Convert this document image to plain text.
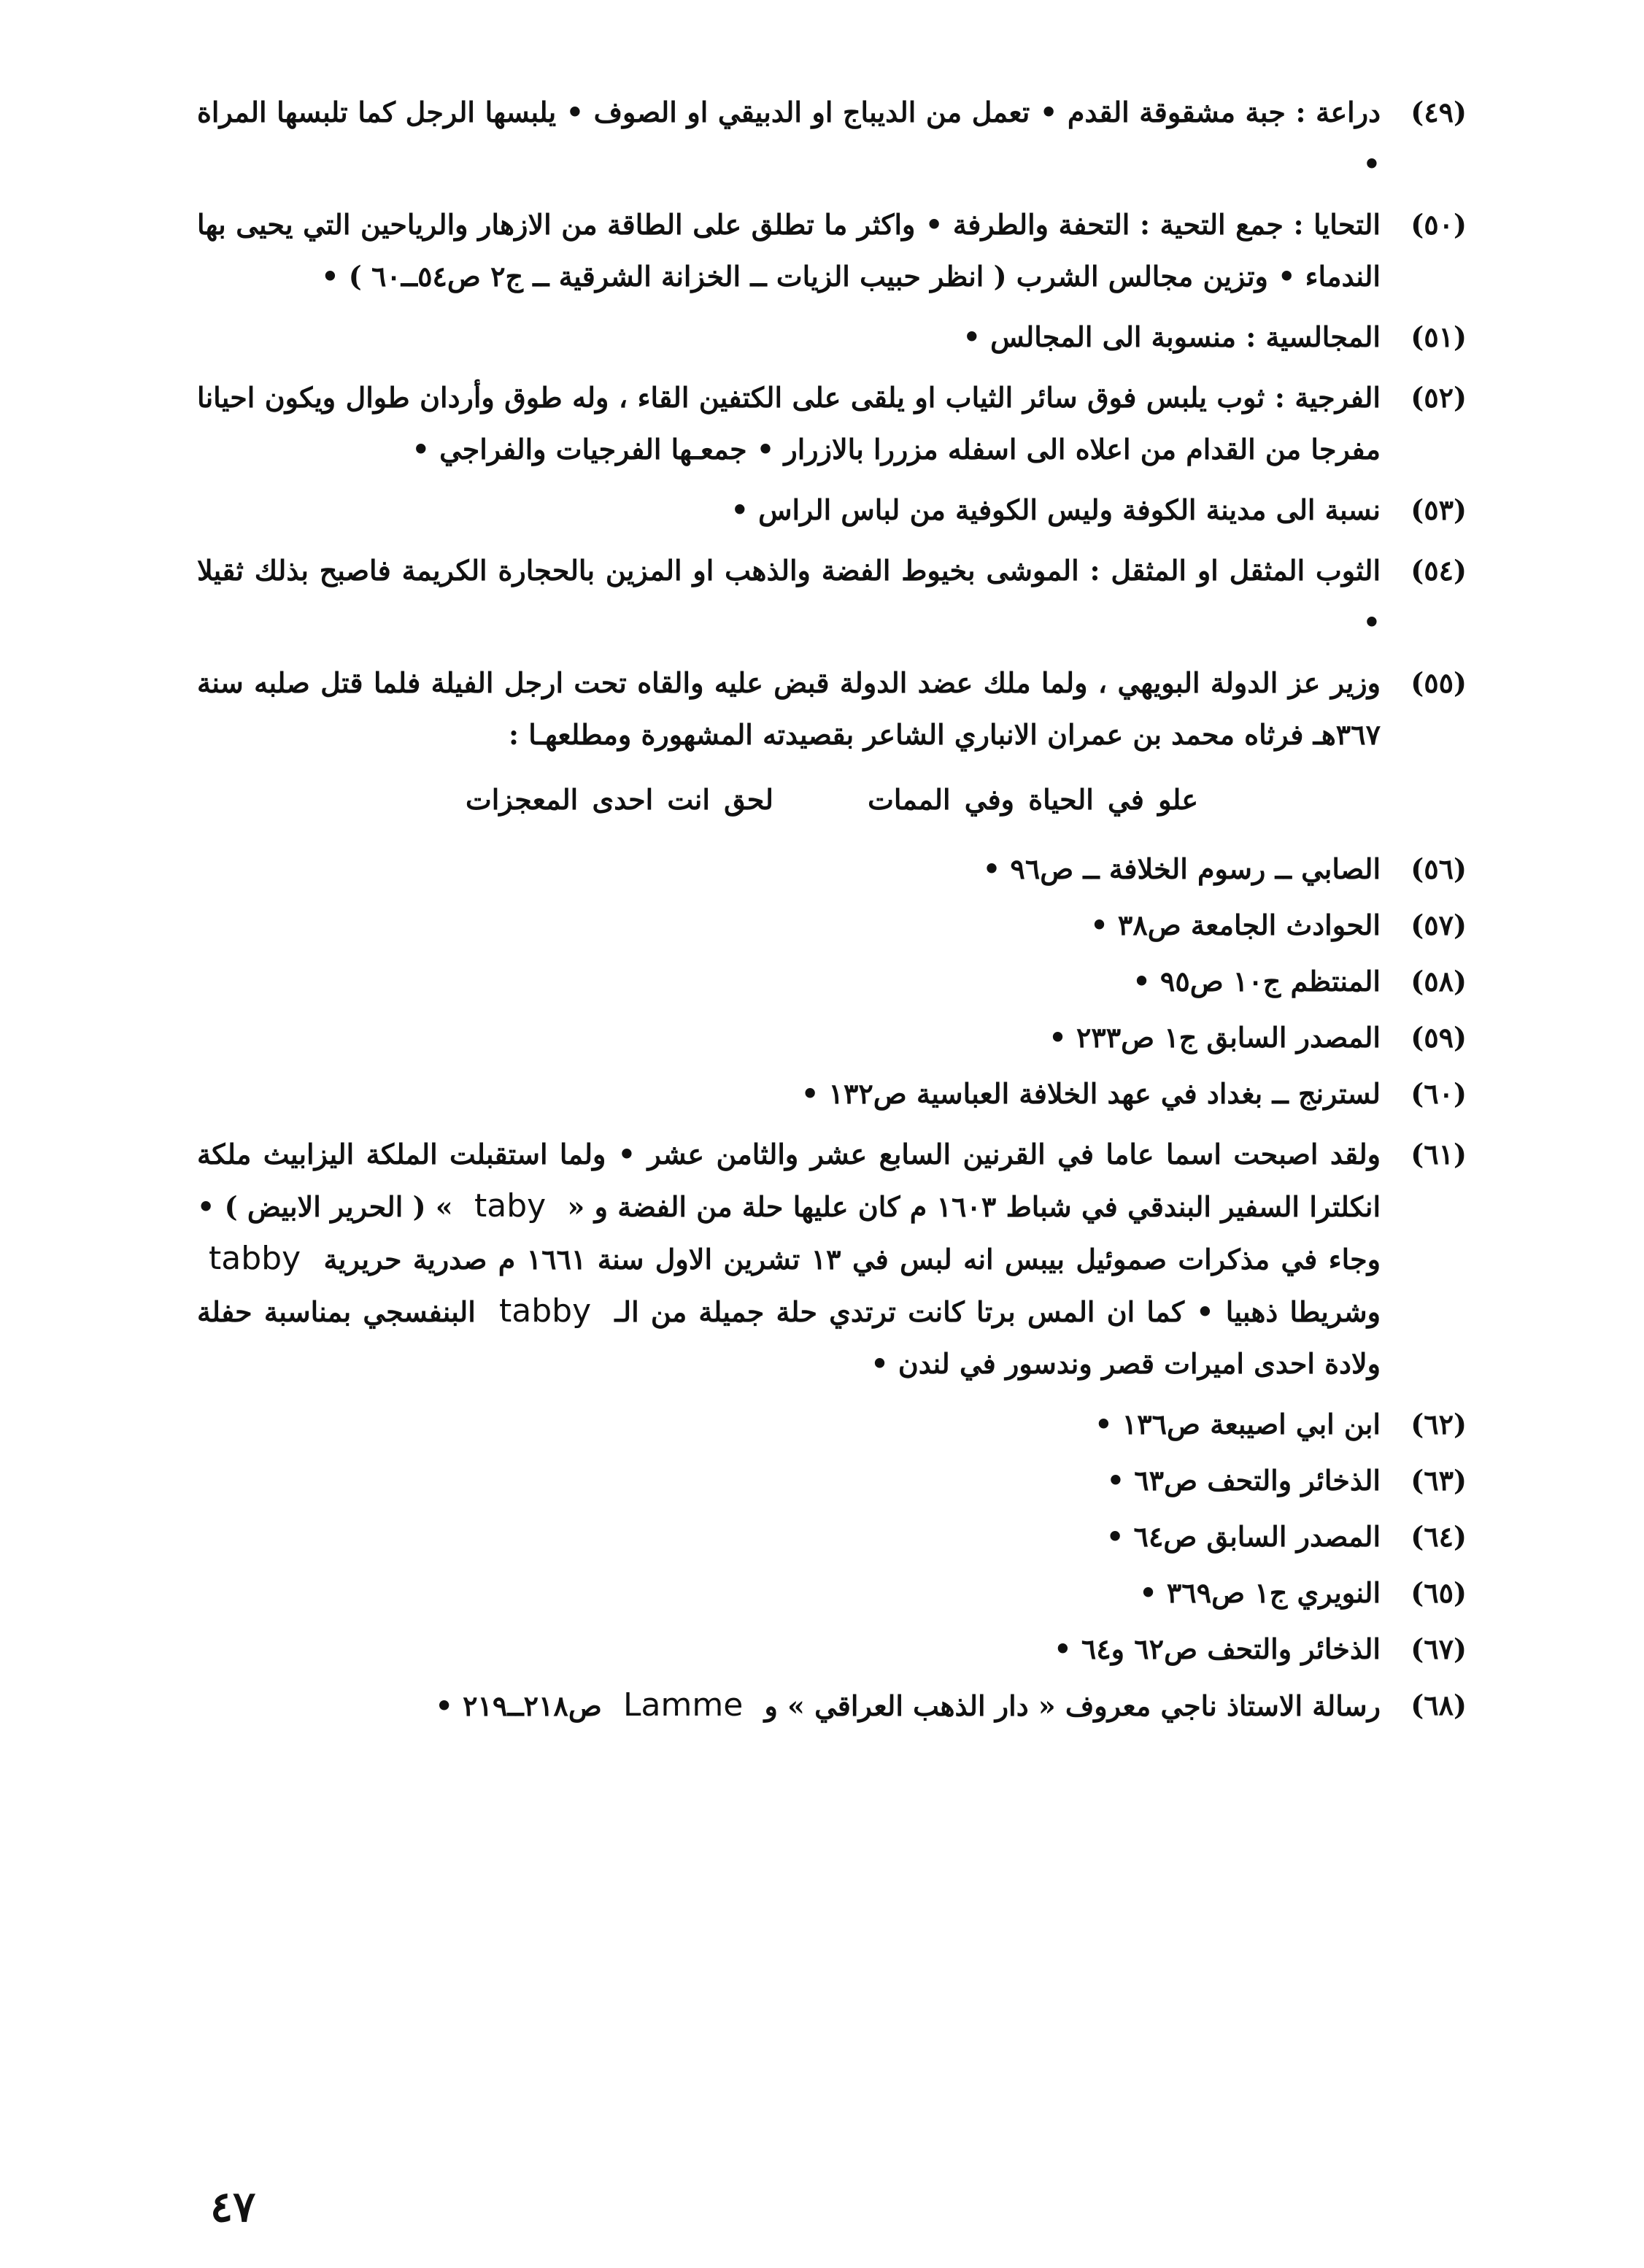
(٤٩)
دراعة : جبة مشقوقة القدم • تعمل من الديباج او الدبيقي او الصوف • يلبسها الرجل كما تلبسها المراة •
(٥٠)
التحايا : جمع التحية : التحفة والطرفة • واكثر ما تطلق على الطاقة من الازهار والرياحين التي يحيى بها الندماء • وتزين مجالس الشرب ( انظر حبيب الزيات ــ الخزانة الشرقية ــ ج٢ ص٥٤ــ٦٠ ) •
(٥١)
المجالسية : منسوبة الى المجالس •
(٥٢)
الفرجية : ثوب يلبس فوق سائر الثياب او يلقى على الكتفين القاء ، وله طوق وأردان طوال ويكون احيانا مفرجا من القدام من اعلاه الى اسفله مزررا بالازرار • جمعـها الفرجيات والفراجي •
(٥٣)
نسبة الى مدينة الكوفة وليس الكوفية من لباس الراس •
(٥٤)
الثوب المثقل او المثقل : الموشى بخيوط الفضة والذهب او المزين بالحجارة الكريمة فاصبح بذلك ثقيلا •
(٥٥)
وزير عز الدولة البويهي ، ولما ملك عضد الدولة قبض عليه والقاه تحت ارجل الفيلة فلما قتل صلبه سنة ٣٦٧هـ فرثاه محمد بن عمران الانباري الشاعر بقصيدته المشهورة ومطلعهـا :
علو في الحياة وفي الممات لحق انت احدى المعجزات
(٥٦)
الصابي ــ رسوم الخلافة ــ ص٩٦ •
(٥٧)
الحوادث الجامعة ص٣٨ •
(٥٨)
المنتظم ج١٠ ص٩٥ •
(٥٩)
المصدر السابق ج١ ص٢٣٣ •
(٦٠)
لسترنج ــ بغداد في عهد الخلافة العباسية ص١٣٢ •
(٦١)
ولقد اصبحت اسما عاما في القرنين السابع عشر والثامن عشر • ولما استقبلت الملكة اليزابيث ملكة انكلترا السفير البندقي في شباط ١٦٠٣ م كان عليها حلة من الفضة و « taby » ( الحرير الابيض ) • وجاء في مذكرات صموئيل بيبس انه لبس في ١٣ تشرين الاول سنة ١٦٦١ م صدرية حريرية tabby وشريطا ذهبيا • كما ان المس برتا كانت ترتدي حلة جميلة من الـ tabby البنفسجي بمناسبة حفلة ولادة احدى اميرات قصر وندسور في لندن •
(٦٢)
ابن ابي اصيبعة ص١٣٦ •
(٦٣)
الذخائر والتحف ص٦٣ •
(٦٤)
المصدر السابق ص٦٤ •
(٦٥)
النويري ج١ ص٣٦٩ •
(٦٧)
الذخائر والتحف ص٦٢ و٦٤ •
(٦٨)
رسالة الاستاذ ناجي معروف « دار الذهب العراقي » و Lamme ص٢١٨ــ٢١٩ •
٤٧
